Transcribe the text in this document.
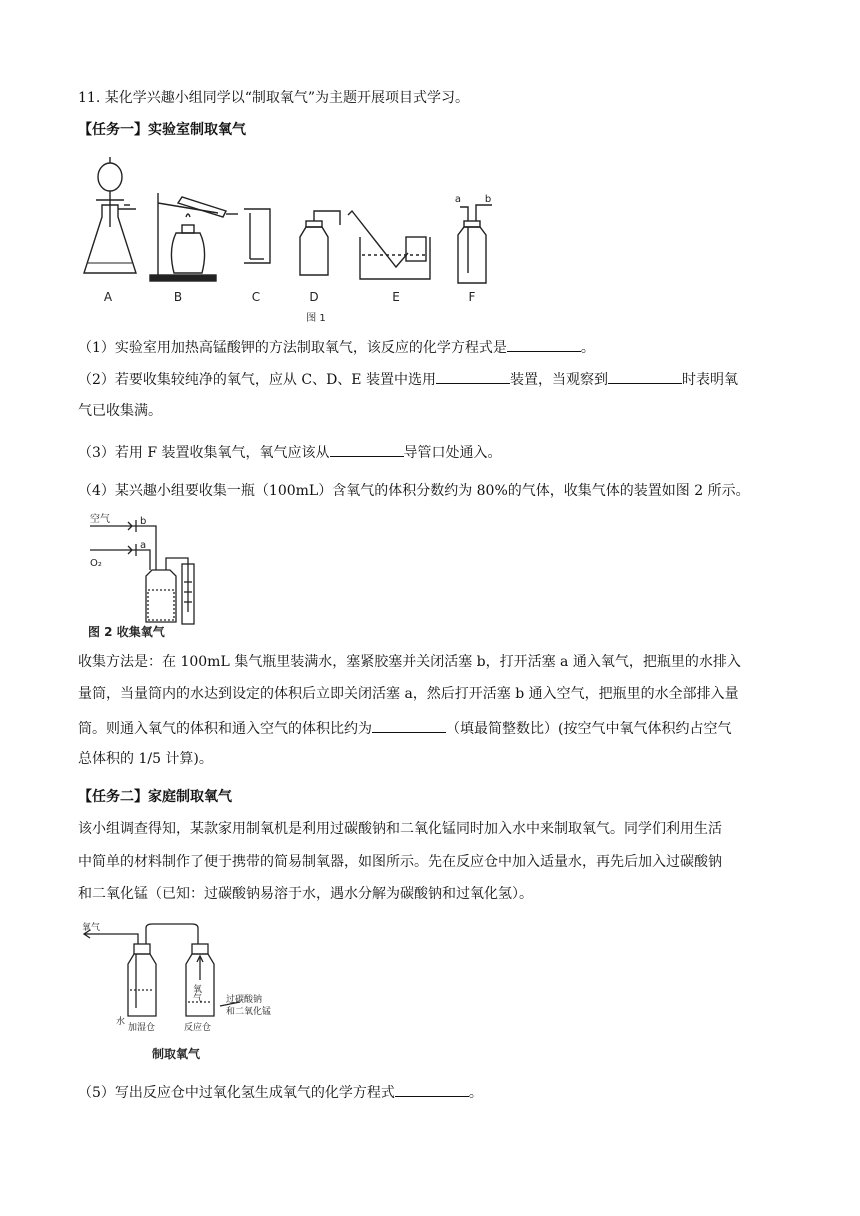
11. 某化学兴趣小组同学以“制取氧气”为主题开展项目式学习。

【任务一】实验室制取氧气

A	B	C	D	E	F
a b
图 1

（1）实验室用加热高锰酸钾的方法制取氧气，该反应的化学方程式是	。

（2）若要收集较纯净的氧气，应从 C、D、E 装置中选用	装置，当观察到	时表明氧

气已收集满。

（3）若用 F 装置收集氧气，氧气应该从	导管口处通入。

（4）某兴趣小组要收集一瓶（100mL）含氧气的体积分数约为 80%的气体，收集气体的装置如图 2 所示。

空气
O₂
b
a
图 2 收集氧气

收集方法是：在 100mL 集气瓶里装满水，塞紧胶塞并关闭活塞 b，打开活塞 a 通入氧气，把瓶里的水排入

量筒，当量筒内的水达到设定的体积后立即关闭活塞 a，然后打开活塞 b 通入空气，把瓶里的水全部排入量

筒。则通入氧气的体积和通入空气的体积比约为	（填最简整数比）(按空气中氧气体积约占空气

总体积的 1/5 计算)。

【任务二】家庭制取氧气

该小组调查得知，某款家用制氧机是利用过碳酸钠和二氧化锰同时加入水中来制取氧气。同学们利用生活

中简单的材料制作了便于携带的简易制氧器，如图所示。先在反应仓中加入适量水，再先后加入过碳酸钠

和二氧化锰（已知：过碳酸钠易溶于水，遇水分解为碳酸钠和过氧化氢）。

氧气
氧气
水
加湿仓	反应仓
过碳酸钠
和二氧化锰
制取氧气

（5）写出反应仓中过氧化氢生成氧气的化学方程式	。
